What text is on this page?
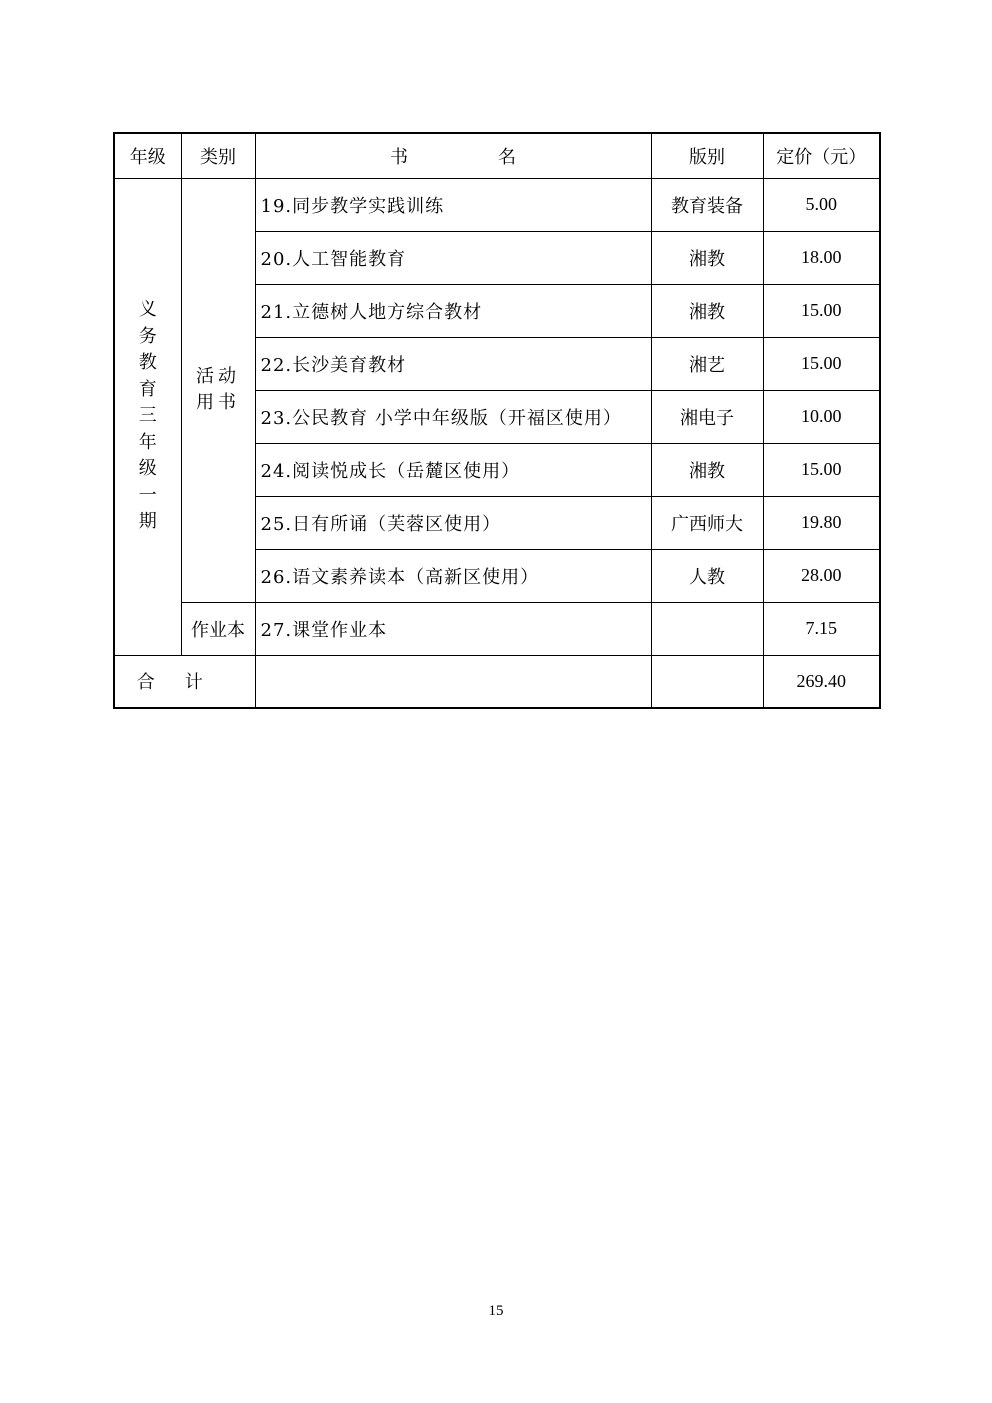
年级	类别	书　　　　　名	版别	定价（元）
义务教育三年级一期	活动用书	19.同步教学实践训练	教育装备	5.00
		20.人工智能教育	湘教	18.00
		21.立德树人地方综合教材	湘教	15.00
		22.长沙美育教材	湘艺	15.00
		23.公民教育 小学中年级版（开福区使用）	湘电子	10.00
		24.阅读悦成长（岳麓区使用）	湘教	15.00
		25.日有所诵（芙蓉区使用）	广西师大	19.80
		26.语文素养读本（高新区使用）	人教	28.00
	作业本	27.课堂作业本		7.15
合计				269.40
15
